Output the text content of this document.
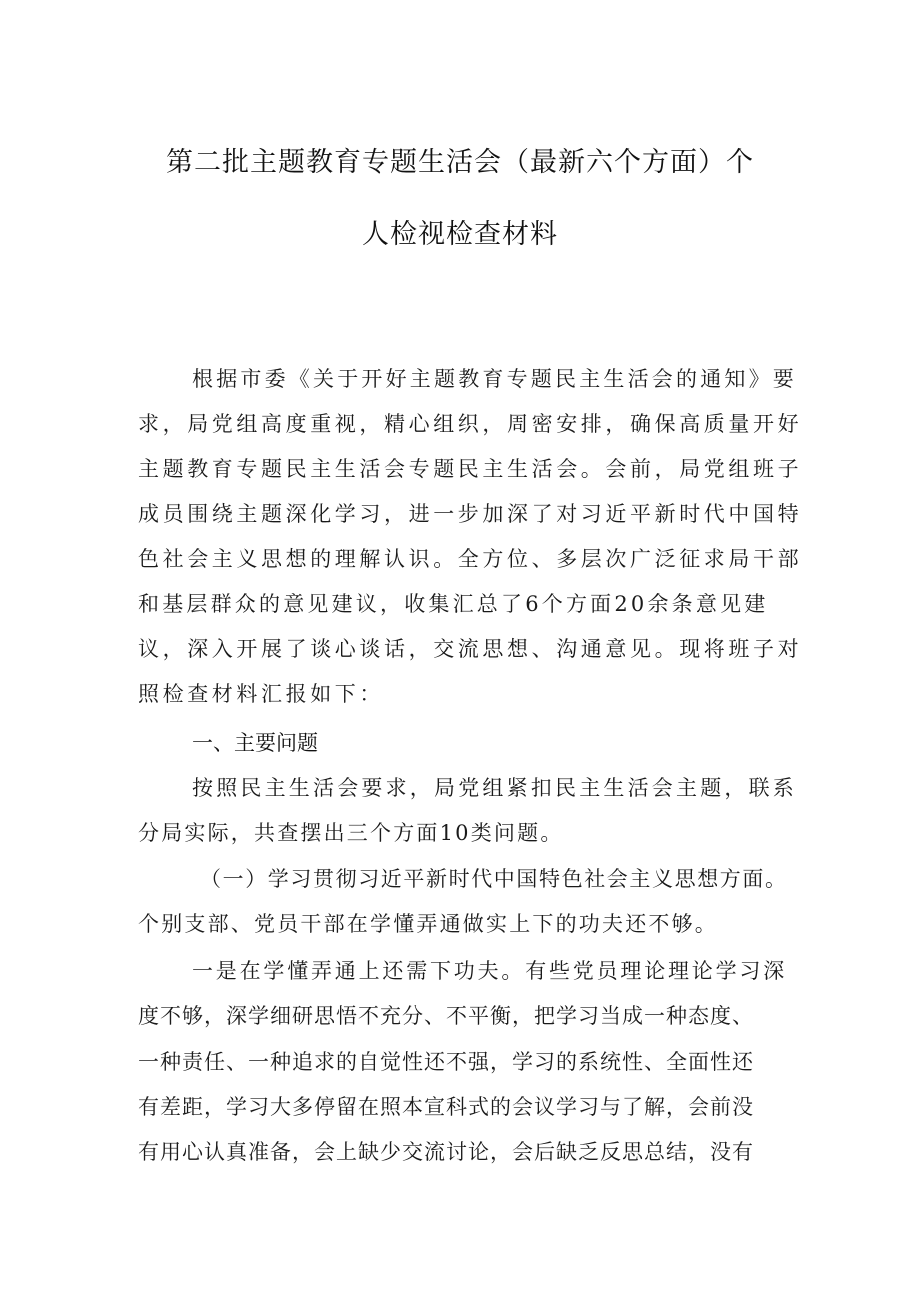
第二批主题教育专题生活会（最新六个方面）个
人检视检查材料
根据市委《关于开好主题教育专题民主生活会的通知》要
求，局党组高度重视，精心组织，周密安排，确保高质量开好
主题教育专题民主生活会专题民主生活会。会前，局党组班子
成员围绕主题深化学习，进一步加深了对习近平新时代中国特
色社会主义思想的理解认识。全方位、多层次广泛征求局干部
和基层群众的意见建议，收集汇总了6个方面20余条意见建
议，深入开展了谈心谈话，交流思想、沟通意见。现将班子对
照检查材料汇报如下：
一、主要问题
按照民主生活会要求，局党组紧扣民主生活会主题，联系
分局实际，共查摆出三个方面10类问题。
（一）学习贯彻习近平新时代中国特色社会主义思想方面。
个别支部、党员干部在学懂弄通做实上下的功夫还不够。
一是在学懂弄通上还需下功夫。有些党员理论理论学习深
度不够，深学细研思悟不充分、不平衡，把学习当成一种态度、
一种责任、一种追求的自觉性还不强，学习的系统性、全面性还
有差距，学习大多停留在照本宣科式的会议学习与了解，会前没
有用心认真准备，会上缺少交流讨论，会后缺乏反思总结，没有
